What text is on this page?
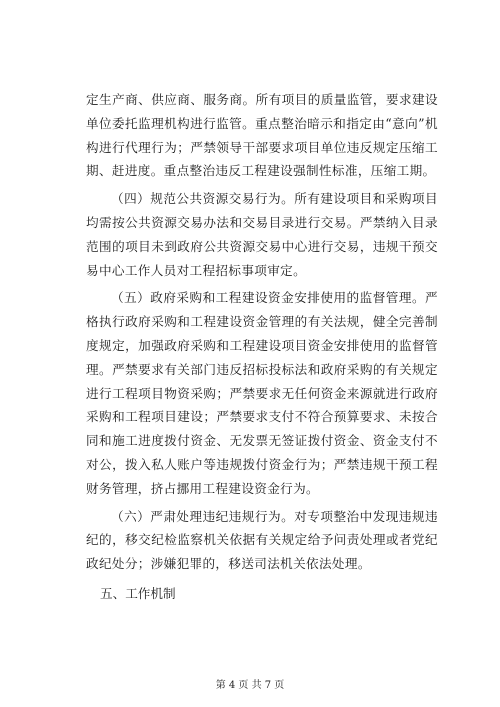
定生产商、供应商、服务商。所有项目的质量监管，要求建设单位委托监理机构进行监管。重点整治暗示和指定由“意向”机构进行代理行为；严禁领导干部要求项目单位违反规定压缩工期、赶进度。重点整治违反工程建设强制性标准，压缩工期。

（四）规范公共资源交易行为。所有建设项目和采购项目均需按公共资源交易办法和交易目录进行交易。严禁纳入目录范围的项目未到政府公共资源交易中心进行交易，违规干预交易中心工作人员对工程招标事项审定。

（五）政府采购和工程建设资金安排使用的监督管理。严格执行政府采购和工程建设资金管理的有关法规，健全完善制度规定，加强政府采购和工程建设项目资金安排使用的监督管理。严禁要求有关部门违反招标投标法和政府采购的有关规定进行工程项目物资采购；严禁要求无任何资金来源就进行政府采购和工程项目建设；严禁要求支付不符合预算要求、未按合同和施工进度拨付资金、无发票无签证拨付资金、资金支付不对公，拨入私人账户等违规拨付资金行为；严禁违规干预工程财务管理，挤占挪用工程建设资金行为。

（六）严肃处理违纪违规行为。对专项整治中发现违规违纪的，移交纪检监察机关依据有关规定给予问责处理或者党纪政纪处分；涉嫌犯罪的，移送司法机关依法处理。

五、工作机制

第 4 页 共 7 页
